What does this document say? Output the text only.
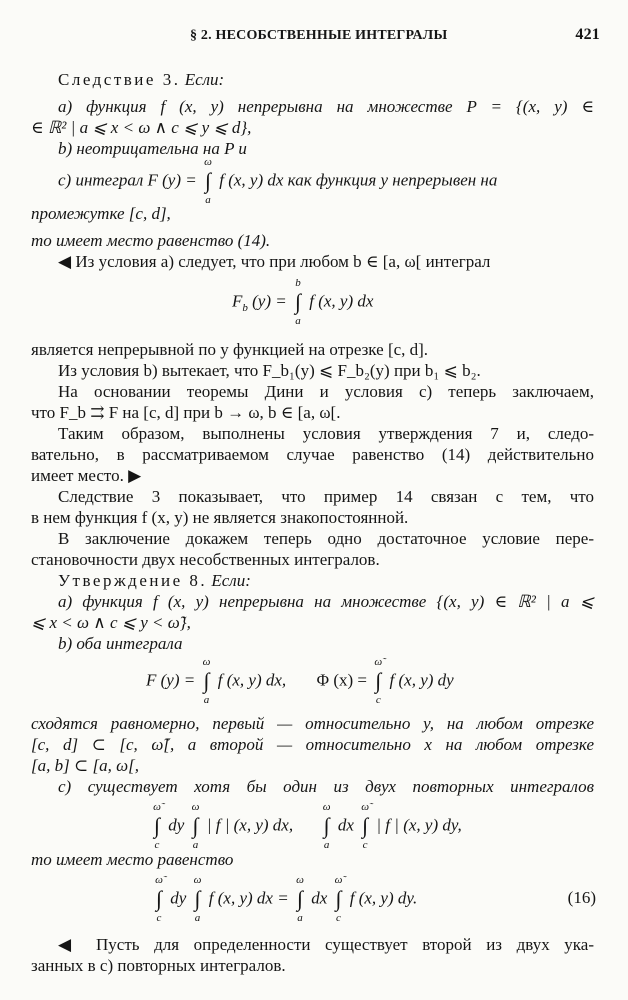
§ 2. НЕСОБСТВЕННЫЕ ИНТЕГРАЛЫ	421
Следствие 3. Если:
а) функция f (x, y) непрерывна на множестве P = {(x, y) ∈
∈ ℝ² | a ⩽ x < ω ∧ c ⩽ y ⩽ d},
b) неотрицательна на P и
c) интеграл F (y) =
ω
∫
a
f (x, y) dx как функция y непрерывен на
промежутке [c, d],
то имеет место равенство (14).
◀ Из условия а) следует, что при любом b ∈ [a, ω[ интеграл
$F_b$ (y) =
b
∫
a
f (x, y) dx
является непрерывной по y функцией на отрезке [c, d].
Из условия b) вытекает, что F_b₁(y) ⩽ F_b₂(y) при b₁ ⩽ b₂.
На основании теоремы Дини и условия с) теперь заключаем,
что F_b ⇉ F на [c, d] при b → ω, b ∈ [a, ω[.
Таким образом, выполнены условия утверждения 7 и, следо-
вательно, в рассматриваемом случае равенство (14) действительно
имеет место. ▶
Следствие 3 показывает, что пример 14 связан с тем, что
в нем функция f (x, y) не является знакопостоянной.
В заключение докажем теперь одно достаточное условие пере-
становочности двух несобственных интегралов.
Утверждение 8. Если:
а) функция f (x, y) непрерывна на множестве {(x, y) ∈ ℝ² | a ⩽
⩽ x < ω ∧ c ⩽ y < ω̃},
b) оба интеграла
F (y) =
ω
∫
a
f (x, y) dx, Φ (x) =
ω̃
∫
c
f (x, y) dy
сходятся равномерно, первый — относительно y, на любом отрезке
[c, d] ⊂ [c, ω̃[, а второй — относительно x на любом отрезке
[a, b] ⊂ [a, ω[,
c) существует хотя бы один из двух повторных интегралов
ω̃
∫
c
dy
ω
∫
a
| f | (x, y) dx,
ω
∫
a
dx
ω̃
∫
c
| f | (x, y) dy,
то имеет место равенство
ω̃
∫
c
dy
ω
∫
a
f (x, y) dx =
ω
∫
a
dx
ω̃
∫
c
f (x, y) dy.	(16)
◀ Пусть для определенности существует второй из двух ука-
занных в с) повторных интегралов.
